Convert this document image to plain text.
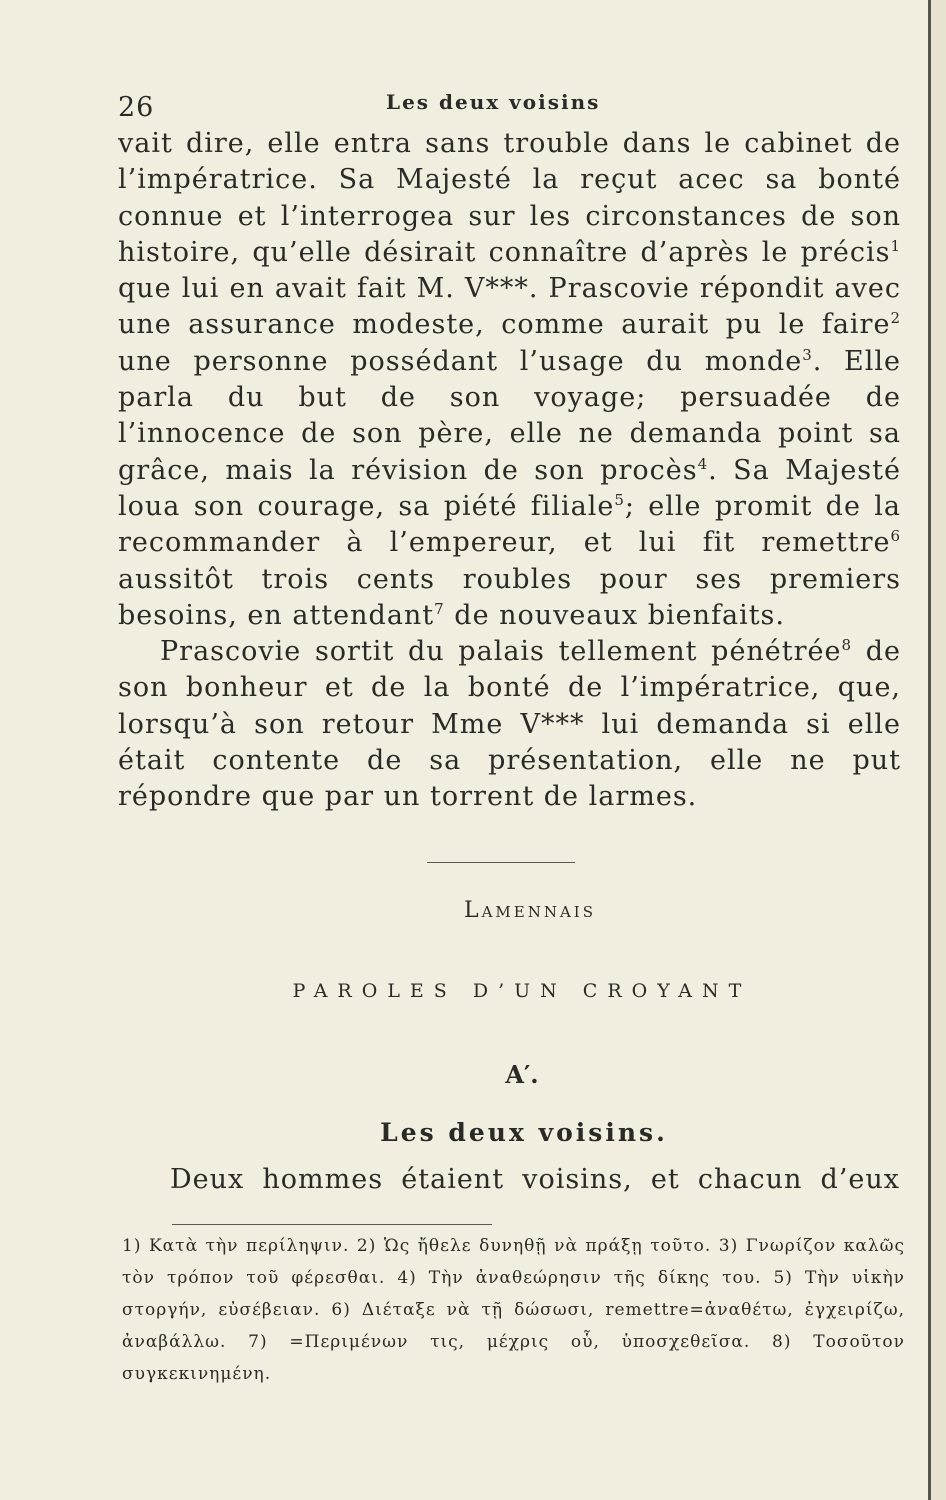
26	Les deux voisins

vait dire, elle entra sans trouble dans le cabinet de l’impératrice. Sa Majesté la reçut acec sa bonté connue et l’interrogea sur les circonstances de son histoire, qu’elle désirait connaître d’après le précis$^1$ que lui en avait fait M. V***. Prascovie répondit avec une assurance modeste, comme aurait pu le faire$^2$ une personne possédant l’usage du monde$^3$. Elle parla du but de son voyage; persuadée de l’innocence de son père, elle ne demanda point sa grâce, mais la révision de son procès$^4$. Sa Majesté loua son courage, sa piété filiale$^5$; elle promit de la recommander à l’empereur, et lui fit remettre$^6$ aussitôt trois cents roubles pour ses premiers besoins, en attendant$^7$ de nouveaux bienfaits.

Prascovie sortit du palais tellement pénétrée$^8$ de son bonheur et de la bonté de l’impératrice, que, lorsqu’à son retour Mme V*** lui demanda si elle était contente de sa présentation, elle ne put répondre que par un torrent de larmes.

Lamennais
PAROLES D’UN CROYANT
A′.
Les deux voisins.
Deux hommes étaient voisins, et chacun d’eux
1) Κατὰ τὴν περίληψιν. 2) Ὡς ἤθελε δυνηθῇ νὰ πράξῃ τοῦτο. 3) Γνωρίζον καλῶς τὸν τρόπον τοῦ φέρεσθαι. 4) Τὴν ἀναθεώρησιν τῆς δίκης του. 5) Τὴν υἱκὴν στοργήν, εὐσέβειαν. 6) Διέταξε νὰ τῇ δώσωσι, remettre=ἀναθέτω, ἐγχειρίζω, ἀναβάλλω. 7) =Περιμένων τις, μέχρις οὗ, ὑποσχεθεῖσα. 8) Τοσοῦτον συγκεκινημένη.
